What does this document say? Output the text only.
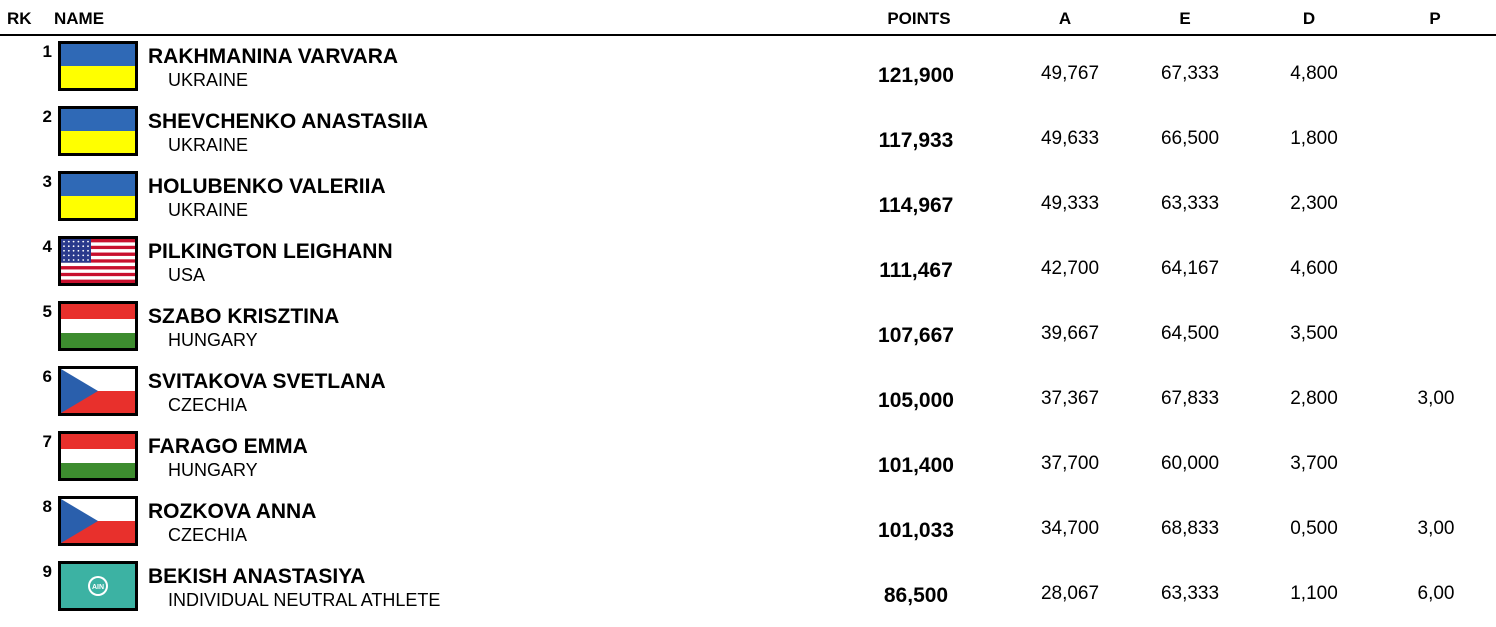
RK NAME	POINTS	A	E	D	P
1	RAKHMANINA VARVARA
UKRAINE	121,900	49,767	67,333	4,800
2	SHEVCHENKO ANASTASIIA
UKRAINE	117,933	49,633	66,500	1,800
3	HOLUBENKO VALERIIA
UKRAINE	114,967	49,333	63,333	2,300
4	PILKINGTON LEIGHANN
USA	111,467	42,700	64,167	4,600
5	SZABO KRISZTINA
HUNGARY	107,667	39,667	64,500	3,500
6	SVITAKOVA SVETLANA
CZECHIA	105,000	37,367	67,833	2,800	3,00
7	FARAGO EMMA
HUNGARY	101,400	37,700	60,000	3,700
8	ROZKOVA ANNA
CZECHIA	101,033	34,700	68,833	0,500	3,00
9
AIN BEKISH ANASTASIYA
INDIVIDUAL NEUTRAL ATHLETE	86,500	28,067	63,333	1,100	6,00
